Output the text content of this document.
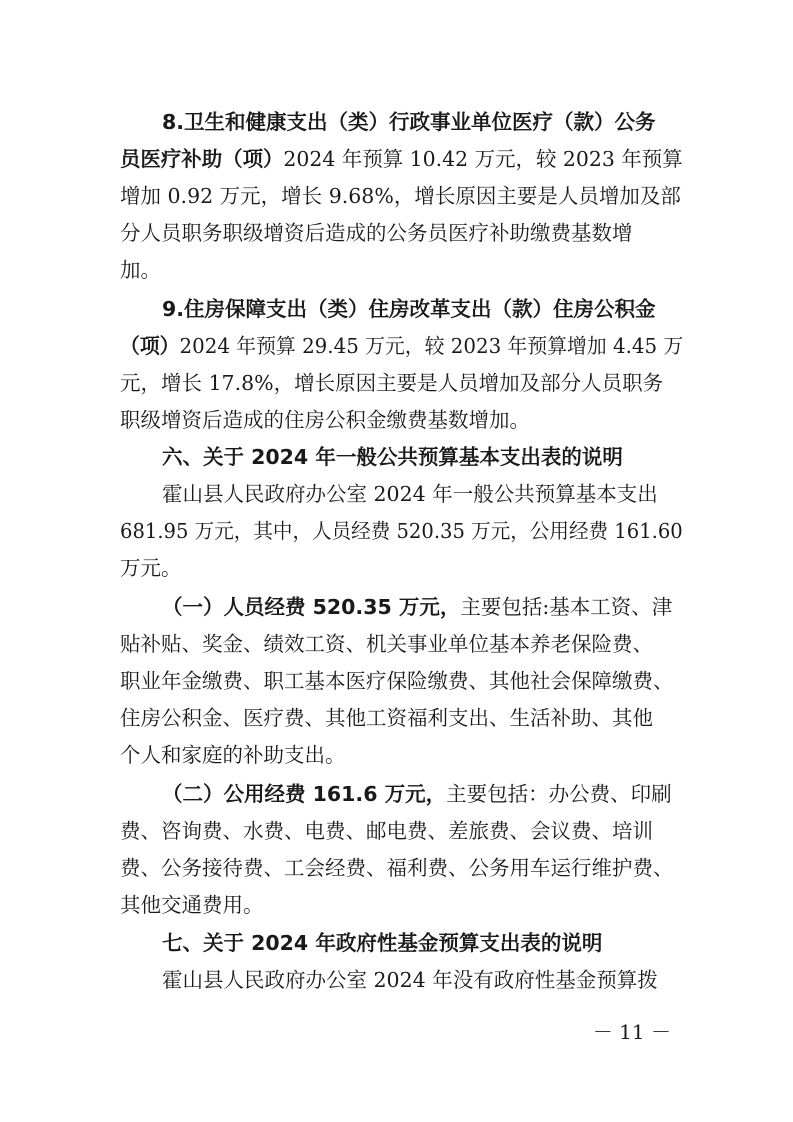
8.卫生和健康支出（类）行政事业单位医疗（款）公务
员医疗补助（项）2024 年预算 10.42 万元，较 2023 年预算
增加 0.92 万元，增长 9.68%，增长原因主要是人员增加及部
分人员职务职级增资后造成的公务员医疗补助缴费基数增
加。
9.住房保障支出（类）住房改革支出（款）住房公积金
（项）2024 年预算 29.45 万元，较 2023 年预算增加 4.45 万
元，增长 17.8%，增长原因主要是人员增加及部分人员职务
职级增资后造成的住房公积金缴费基数增加。
六、关于 2024 年一般公共预算基本支出表的说明
霍山县人民政府办公室 2024 年一般公共预算基本支出
681.95 万元，其中，人员经费 520.35 万元，公用经费 161.60
万元。
（一）人员经费 520.35 万元，主要包括:基本工资、津
贴补贴、奖金、绩效工资、机关事业单位基本养老保险费、
职业年金缴费、职工基本医疗保险缴费、其他社会保障缴费、
住房公积金、医疗费、其他工资福利支出、生活补助、其他
个人和家庭的补助支出。
（二）公用经费 161.6 万元，主要包括：办公费、印刷
费、咨询费、水费、电费、邮电费、差旅费、会议费、培训
费、公务接待费、工会经费、福利费、公务用车运行维护费、
其他交通费用。
七、关于 2024 年政府性基金预算支出表的说明
霍山县人民政府办公室 2024 年没有政府性基金预算拨
－ 11 －
